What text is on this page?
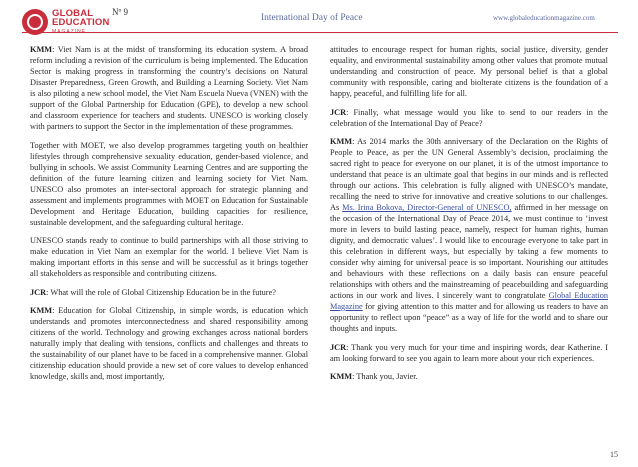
GLOBAL
EDUCATION
Nº 9
International Day of Peace	www.globaleducationmagazine.com

KMM: Viet Nam is at the midst of transforming its education system. A broad reform including a revision of the curriculum is being implemented. The Education Sector is making progress in transforming the country’s decisions on Natural Disaster Preparedness, Green Growth, and Building a Learning Society. Viet Nam is also piloting a new school model, the Viet Nam Escuela Nueva (VNEN) with the support of the Global Partnership for Education (GPE), to develop a new school and classroom experience for teachers and students. UNESCO is working closely with partners to support the Sector in the implementation of these programmes.

Together with MOET, we also develop programmes targeting youth on healthier lifestyles through comprehensive sexuality education, gender-based violence, and bullying in schools. We assist Community Learning Centres and are supporting the definition of the future learning citizen and learning society for Viet Nam. UNESCO also promotes an inter-sectoral approach for strategic planning and assessment and implements programmes with MOET on Education for Sustainable Development and Heritage Education, building capacities for resilience, sustainable development, and the safeguarding cultural heritage.

UNESCO stands ready to continue to build partnerships with all those striving to make education in Viet Nam an exemplar for the world. I believe Viet Nam is making important efforts in this sense and will be successful as it brings together all stakeholders as responsible and contributing citizens.

JCR: What will the role of Global Citizenship Education be in the future?

KMM: Education for Global Citizenship, in simple words, is education which understands and promotes interconnectedness and shared responsibility among citizens of the world. Technology and growing exchanges across national borders naturally imply that dealing with tensions, conflicts and challenges and threats to the sustainability of our planet have to be faced in a comprehensive manner. Global citizenship education should provide a new set of core values to develop enhanced knowledge, skills and, most importantly,

attitudes to encourage respect for human rights, social justice, diversity, gender equality, and environmental sustainability among other values that promote mutual understanding and construction of peace. My personal belief is that a global community with responsible, caring and biolterate citizens is the foundation of a happy, peaceful, and fulfilling life for all.

JCR: Finally, what message would you like to send to our readers in the celebration of the International Day of Peace?

KMM: As 2014 marks the 30th anniversary of the Declaration on the Rights of People to Peace, as per the UN General Assembly’s decision, proclaiming the sacred right to peace for everyone on our planet, it is of the utmost importance to understand that peace is an ultimate goal that begins in our minds and is reflected through our actions. This celebration is fully aligned with UNESCO’s mandate, recalling the need to strive for innovative and creative solutions to our challenges. As Ms. Irina Bokova, Director-General of UNESCO, affirmed in her message on the occasion of the International Day of Peace 2014, we must continue to ‘invest more in levers to build lasting peace, namely, respect for human rights, human dignity, and democratic values’. I would like to encourage everyone to take part in this celebration in different ways, but especially by taking a few moments to consider why aiming for universal peace is so important. Nourishing our attitudes and behaviours with these reflections on a daily basis can ensure peaceful relationships with others and the mainstreaming of peacebuilding and safeguarding actions in our work and lives. I sincerely want to congratulate Global Education Magazine for giving attention to this matter and for allowing us readers to have an opportunity to reflect upon “peace” as a way of life for the world and to share our thoughts and inputs.

JCR: Thank you very much for your time and inspiring words, dear Katherine. I am looking forward to see you again to learn more about your rich experiences.

KMM: Thank you, Javier.

15
